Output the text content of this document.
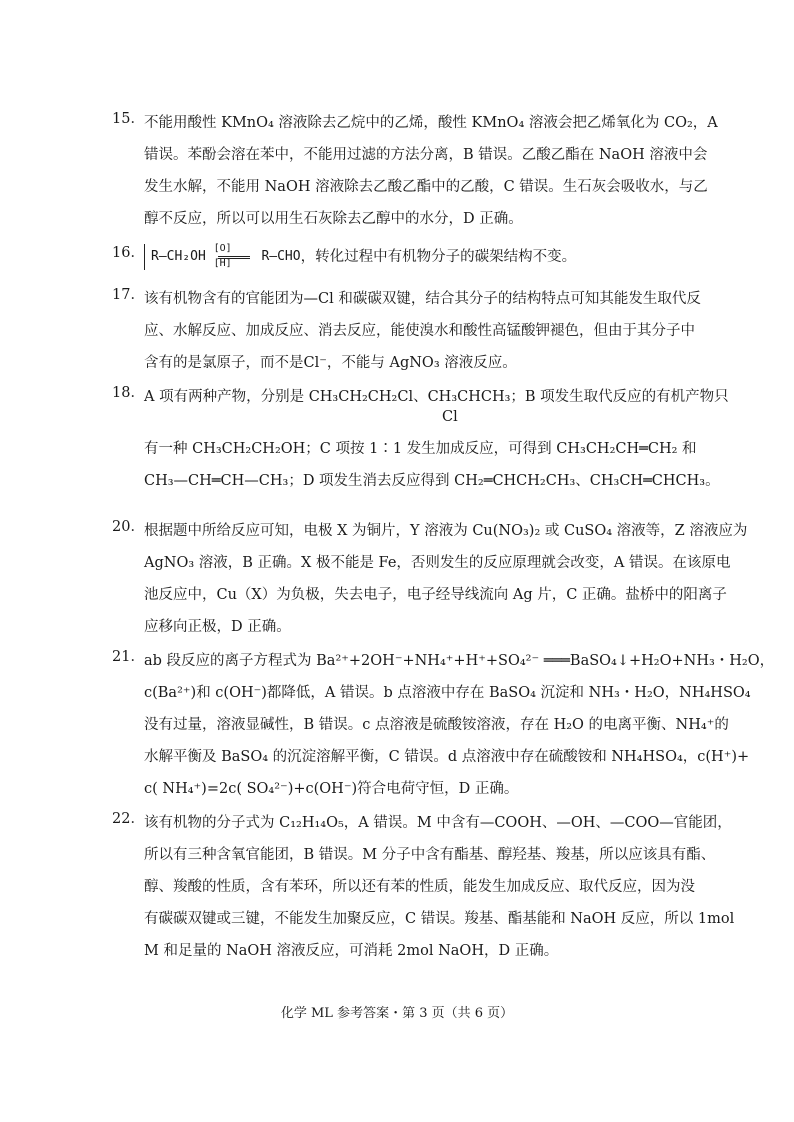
15． 不能用酸性 KMnO₄ 溶液除去乙烷中的乙烯，酸性 KMnO₄ 溶液会把乙烯氧化为 CO₂，A
错误。苯酚会溶在苯中，不能用过滤的方法分离，B 错误。乙酸乙酯在 NaOH 溶液中会
发生水解，不能用 NaOH 溶液除去乙酸乙酯中的乙酸，C 错误。生石灰会吸收水，与乙
醇不反应，所以可以用生石灰除去乙醇中的水分，D 正确。
16． R—CH₂OH $\frac{[O]}{[H]}$ R—CHO，转化过程中有机物分子的碳架结构不变。
17． 该有机物含有的官能团为—Cl 和碳碳双键，结合其分子的结构特点可知其能发生取代反
应、水解反应、加成反应、消去反应，能使溴水和酸性高锰酸钾褪色，但由于其分子中
含有的是氯原子，而不是Cl⁻，不能与 AgNO₃ 溶液反应。
18． A 项有两种产物，分别是 CH₃CH₂CH₂Cl、CH₃CHCH₃；B 项发生取代反应的有机产物只
Cl
有一种 CH₃CH₂CH₂OH；C 项按 1∶1 发生加成反应，可得到 CH₃CH₂CH═CH₂ 和
CH₃—CH═CH—CH₃；D 项发生消去反应得到 CH₂═CHCH₂CH₃、CH₃CH═CHCH₃。
20． 根据题中所给反应可知，电极 X 为铜片，Y 溶液为 Cu(NO₃)₂ 或 CuSO₄ 溶液等，Z 溶液应为
AgNO₃ 溶液，B 正确。X 极不能是 Fe，否则发生的反应原理就会改变，A 错误。在该原电
池反应中，Cu（X）为负极，失去电子，电子经导线流向 Ag 片，C 正确。盐桥中的阳离子
应移向正极，D 正确。
21． ab 段反应的离子方程式为 Ba²⁺+2OH⁻+NH₄⁺+H⁺+SO₄²⁻ ═══BaSO₄↓+H₂O+NH₃・H₂O，
c(Ba²⁺)和 c(OH⁻)都降低，A 错误。b 点溶液中存在 BaSO₄ 沉淀和 NH₃・H₂O，NH₄HSO₄
没有过量，溶液显碱性，B 错误。c 点溶液是硫酸铵溶液，存在 H₂O 的电离平衡、NH₄⁺的
水解平衡及 BaSO₄ 的沉淀溶解平衡，C 错误。d 点溶液中存在硫酸铵和 NH₄HSO₄，c(H⁺)+
c( NH₄⁺)=2c( SO₄²⁻)+c(OH⁻)符合电荷守恒，D 正确。
22． 该有机物的分子式为 C₁₂H₁₄O₅，A 错误。M 中含有—COOH、—OH、—COO—官能团，
所以有三种含氧官能团，B 错误。M 分子中含有酯基、醇羟基、羧基，所以应该具有酯、
醇、羧酸的性质，含有苯环，所以还有苯的性质，能发生加成反应、取代反应，因为没
有碳碳双键或三键，不能发生加聚反应，C 错误。羧基、酯基能和 NaOH 反应，所以 1mol
M 和足量的 NaOH 溶液反应，可消耗 2mol NaOH，D 正确。
化学 ML 参考答案・第 3 页（共 6 页）
